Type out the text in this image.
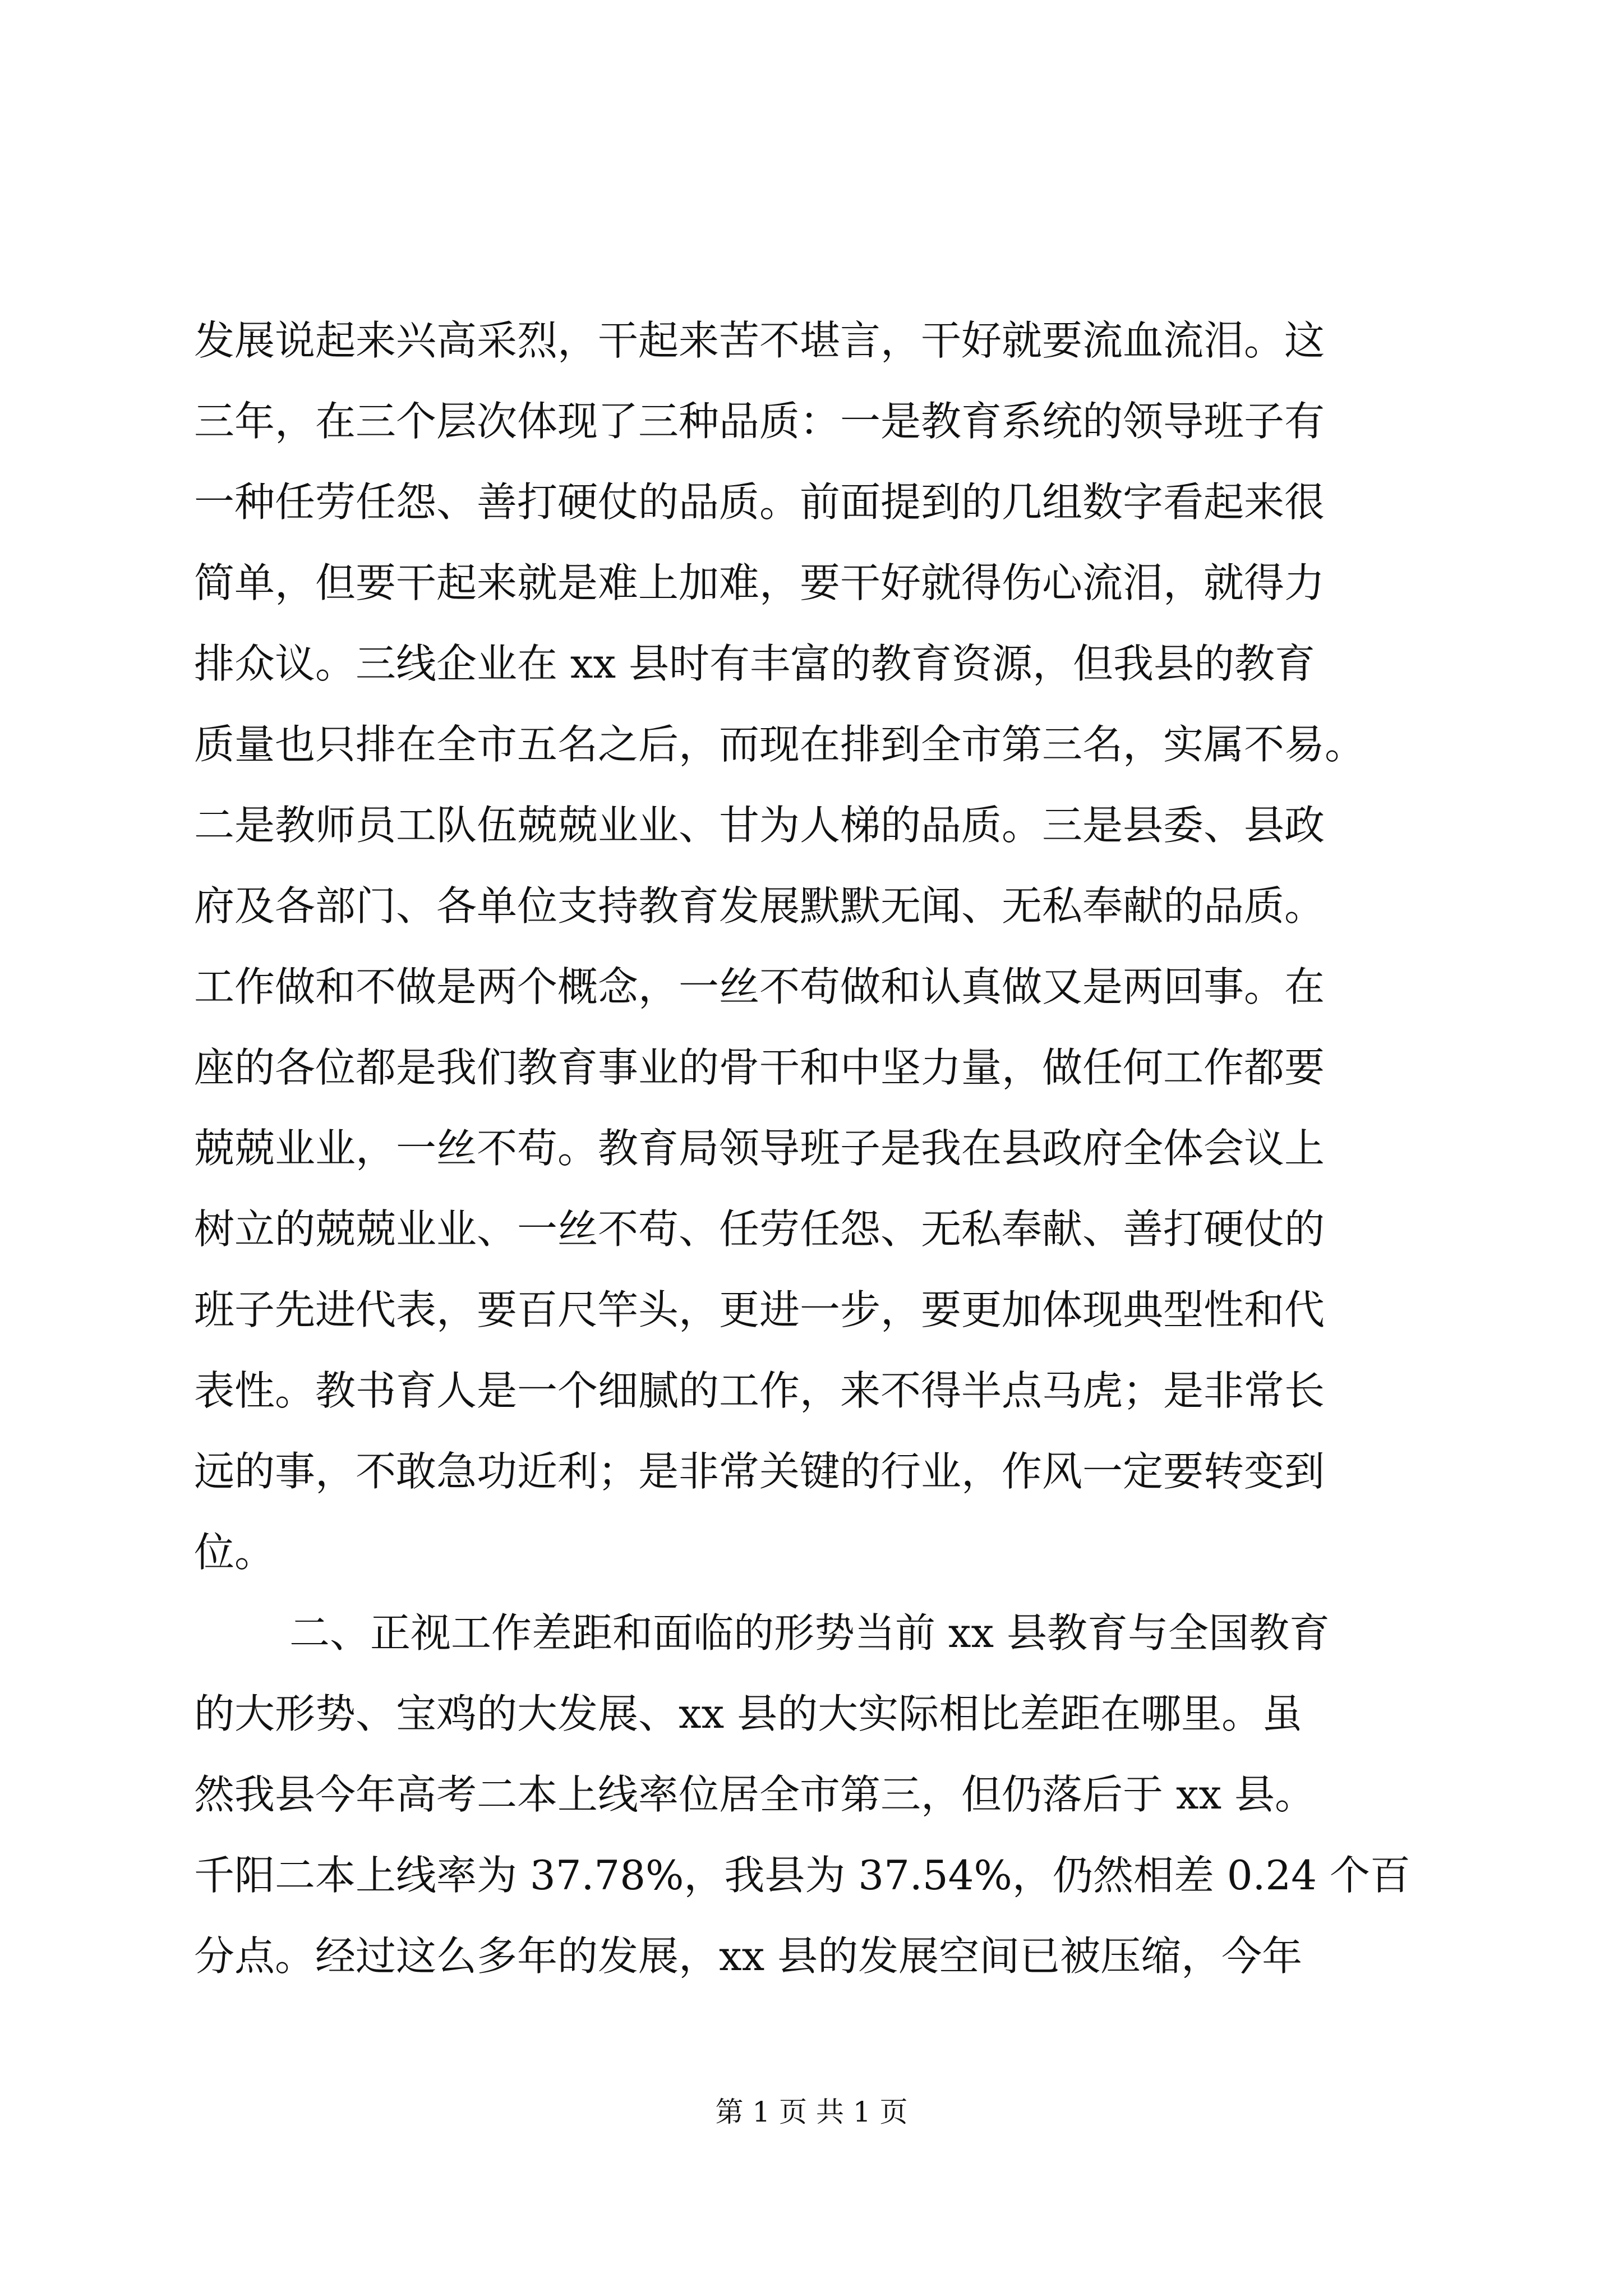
发展说起来兴高采烈，干起来苦不堪言，干好就要流血流泪。这
三年，在三个层次体现了三种品质：一是教育系统的领导班子有
一种任劳任怨、善打硬仗的品质。前面提到的几组数字看起来很
简单，但要干起来就是难上加难，要干好就得伤心流泪，就得力
排众议。三线企业在 xx 县时有丰富的教育资源，但我县的教育
质量也只排在全市五名之后，而现在排到全市第三名，实属不易。
二是教师员工队伍兢兢业业、甘为人梯的品质。三是县委、县政
府及各部门、各单位支持教育发展默默无闻、无私奉献的品质。
工作做和不做是两个概念，一丝不苟做和认真做又是两回事。在
座的各位都是我们教育事业的骨干和中坚力量，做任何工作都要
兢兢业业，一丝不苟。教育局领导班子是我在县政府全体会议上
树立的兢兢业业、一丝不苟、任劳任怨、无私奉献、善打硬仗的
班子先进代表，要百尺竿头，更进一步，要更加体现典型性和代
表性。教书育人是一个细腻的工作，来不得半点马虎；是非常长
远的事，不敢急功近利；是非常关键的行业，作风一定要转变到
位。
二、正视工作差距和面临的形势当前 xx 县教育与全国教育
的大形势、宝鸡的大发展、xx 县的大实际相比差距在哪里。虽
然我县今年高考二本上线率位居全市第三，但仍落后于 xx 县。
千阳二本上线率为 37.78%，我县为 37.54%，仍然相差 0.24 个百
分点。经过这么多年的发展，xx 县的发展空间已被压缩，今年
第 1 页 共 1 页
